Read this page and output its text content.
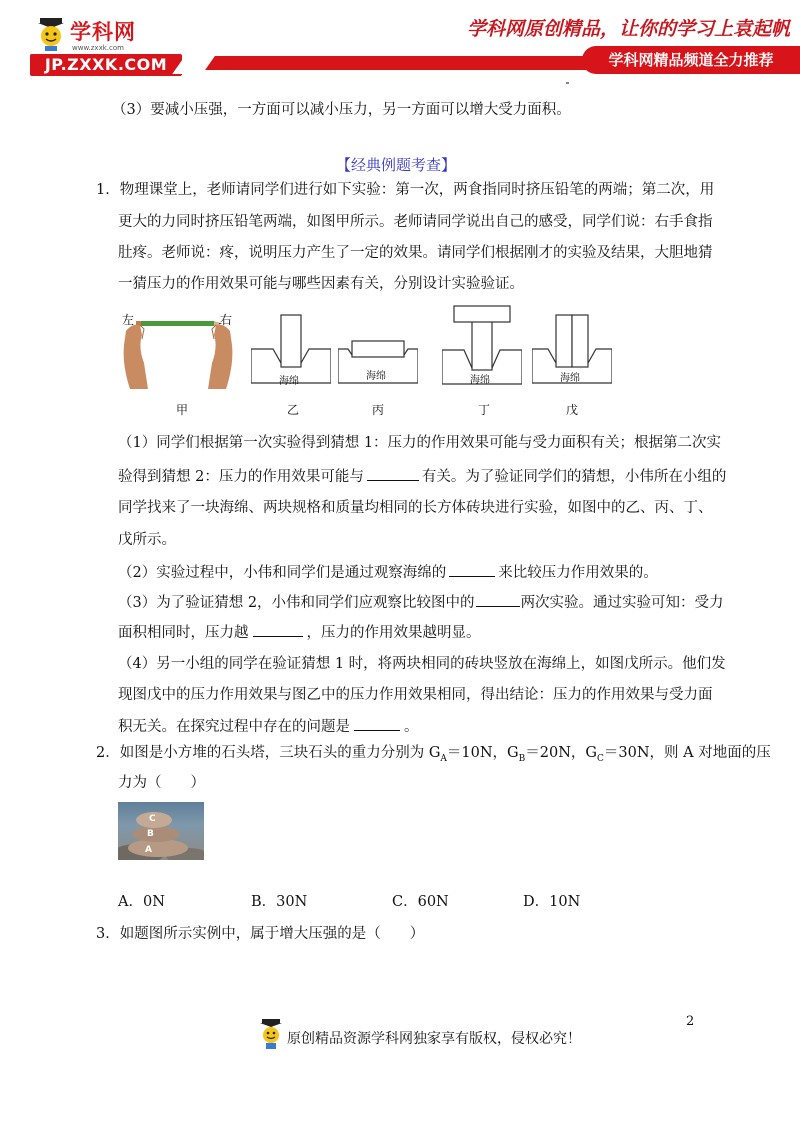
学科网
www.zxxk.com
JP.ZXXK.COM
学科网原创精品，让你的学习上袁起帆
学科网精品频道全力推荐
（3）要减小压强，一方面可以减小压力，另一方面可以增大受力面积。
【经典例题考查】
1．物理课堂上，老师请同学们进行如下实验：第一次，两食指同时挤压铅笔的两端；第二次，用
更大的力同时挤压铅笔两端，如图甲所示。老师请同学说出自己的感受，同学们说：右手食指
肚疼。老师说：疼，说明压力产生了一定的效果。请同学们根据刚才的实验及结果，大胆地猜
一猜压力的作用效果可能与哪些因素有关，分别设计实验验证。
左	右
海绵	海绵	海绵	海绵
甲	乙	丙	丁	戊
（1）同学们根据第一次实验得到猜想 1：压力的作用效果可能与受力面积有关；根据第二次实
验得到猜想 2：压力的作用效果可能与	有关。为了验证同学们的猜想，小伟所在小组的
同学找来了一块海绵、两块规格和质量均相同的长方体砖块进行实验，如图中的乙、丙、丁、
戊所示。
（2）实验过程中，小伟和同学们是通过观察海绵的	来比较压力作用效果的。
（3）为了验证猜想 2，小伟和同学们应观察比较图中的	两次实验。通过实验可知：受力
面积相同时，压力越	，压力的作用效果越明显。
（4）另一小组的同学在验证猜想 1 时，将两块相同的砖块竖放在海绵上，如图戊所示。他们发
现图戊中的压力作用效果与图乙中的压力作用效果相同，得出结论：压力的作用效果与受力面
积无关。在探究过程中存在的问题是	。
2．如图是小方堆的石头塔，三块石头的重力分别为 $G_A=10N$，$G_B=20N$，$G_C=30N$，则 A 对地面的压
力为（　　）
C
B
A
A．0N	B．30N	C．60N	D．10N
3．如题图所示实例中，属于增大压强的是（　　）
2
原创精品资源学科网独家享有版权，侵权必究！
